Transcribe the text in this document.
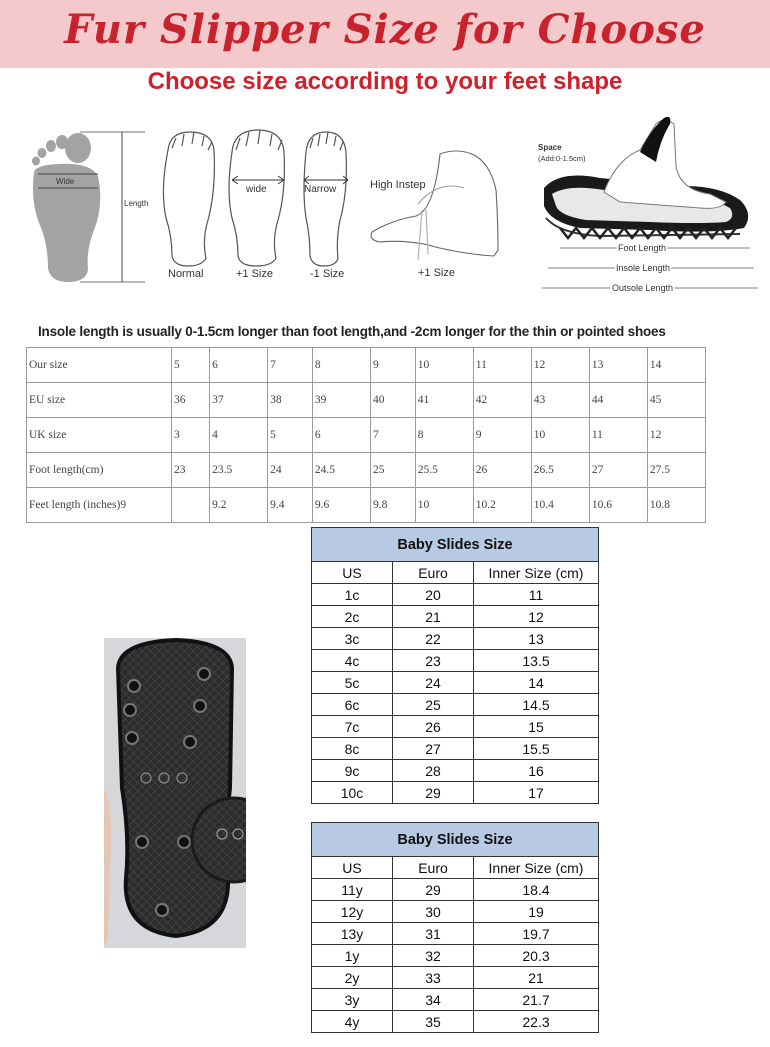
Fur Slipper Size for Choose
Choose size according to your feet shape
Wide
Length
Normal
wide
+1 Size
Narrow
-1 Size
High Instep
+1 Size
Space
(Add:0-1.5cm)
Foot Length
Insole Length
Outsole Length
Insole length is usually 0-1.5cm longer than foot length,and -2cm longer for the thin or pointed shoes
Our size	5	6	7	8	9	10	11	12	13	14
EU size	36	37	38	39	40	41	42	43	44	45
UK size	3	4	5	6	7	8	9	10	11	12
Foot length(cm)	23	23.5	24	24.5	25	25.5	26	26.5	27	27.5
Feet length (inches)9		9.2	9.4	9.6	9.8	10	10.2	10.4	10.6	10.8
Baby Slides Size		
US	Euro	Inner Size (cm)
1c	20	11
2c	21	12
3c	22	13
4c	23	13.5
5c	24	14
6c	25	14.5
7c	26	15
8c	27	15.5
9c	28	16
10c	29	17
Baby Slides Size		
US	Euro	Inner Size (cm)
11y	29	18.4
12y	30	19
13y	31	19.7
1y	32	20.3
2y	33	21
3y	34	21.7
4y	35	22.3
